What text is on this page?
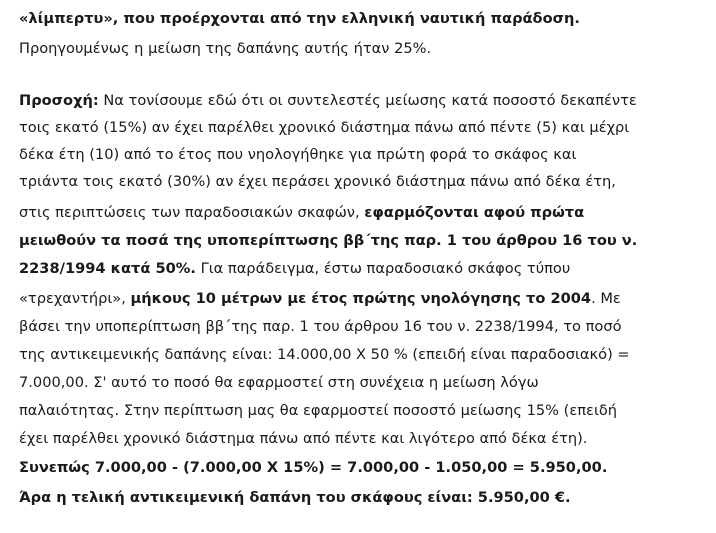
«λίμπερτυ», που προέρχονται από την ελληνική ναυτική παράδοση.
Προηγουμένως η μείωση της δαπάνης αυτής ήταν 25%.
Προσοχή: Να τονίσουμε εδώ ότι οι συντελεστές μείωσης κατά ποσοστό δεκαπέντε
τοις εκατό (15%) αν έχει παρέλθει χρονικό διάστημα πάνω από πέντε (5) και μέχρι
δέκα έτη (10) από το έτος που νηολογήθηκε για πρώτη φορά το σκάφος και
τριάντα τοις εκατό (30%) αν έχει περάσει χρονικό διάστημα πάνω από δέκα έτη,
στις περιπτώσεις των παραδοσιακών σκαφών, εφαρμόζονται αφού πρώτα
μειωθούν τα ποσά της υποπερίπτωσης ββ΄της παρ. 1 του άρθρου 16 του ν.
2238/1994 κατά 50%. Για παράδειγμα, έστω παραδοσιακό σκάφος τύπου
«τρεχαντήρι», μήκους 10 μέτρων με έτος πρώτης νηολόγησης το 2004. Με
βάσει την υποπερίπτωση ββ΄της παρ. 1 του άρθρου 16 του ν. 2238/1994, το ποσό
της αντικειμενικής δαπάνης είναι: 14.000,00 Χ 50 % (επειδή είναι παραδοσιακό) =
7.000,00. Σ' αυτό το ποσό θα εφαρμοστεί στη συνέχεια η μείωση λόγω
παλαιότητας. Στην περίπτωση μας θα εφαρμοστεί ποσοστό μείωσης 15% (επειδή
έχει παρέλθει χρονικό διάστημα πάνω από πέντε και λιγότερο από δέκα έτη).
Συνεπώς 7.000,00 - (7.000,00 Χ 15%) = 7.000,00 - 1.050,00 = 5.950,00.
Άρα η τελική αντικειμενική δαπάνη του σκάφους είναι: 5.950,00 €.
